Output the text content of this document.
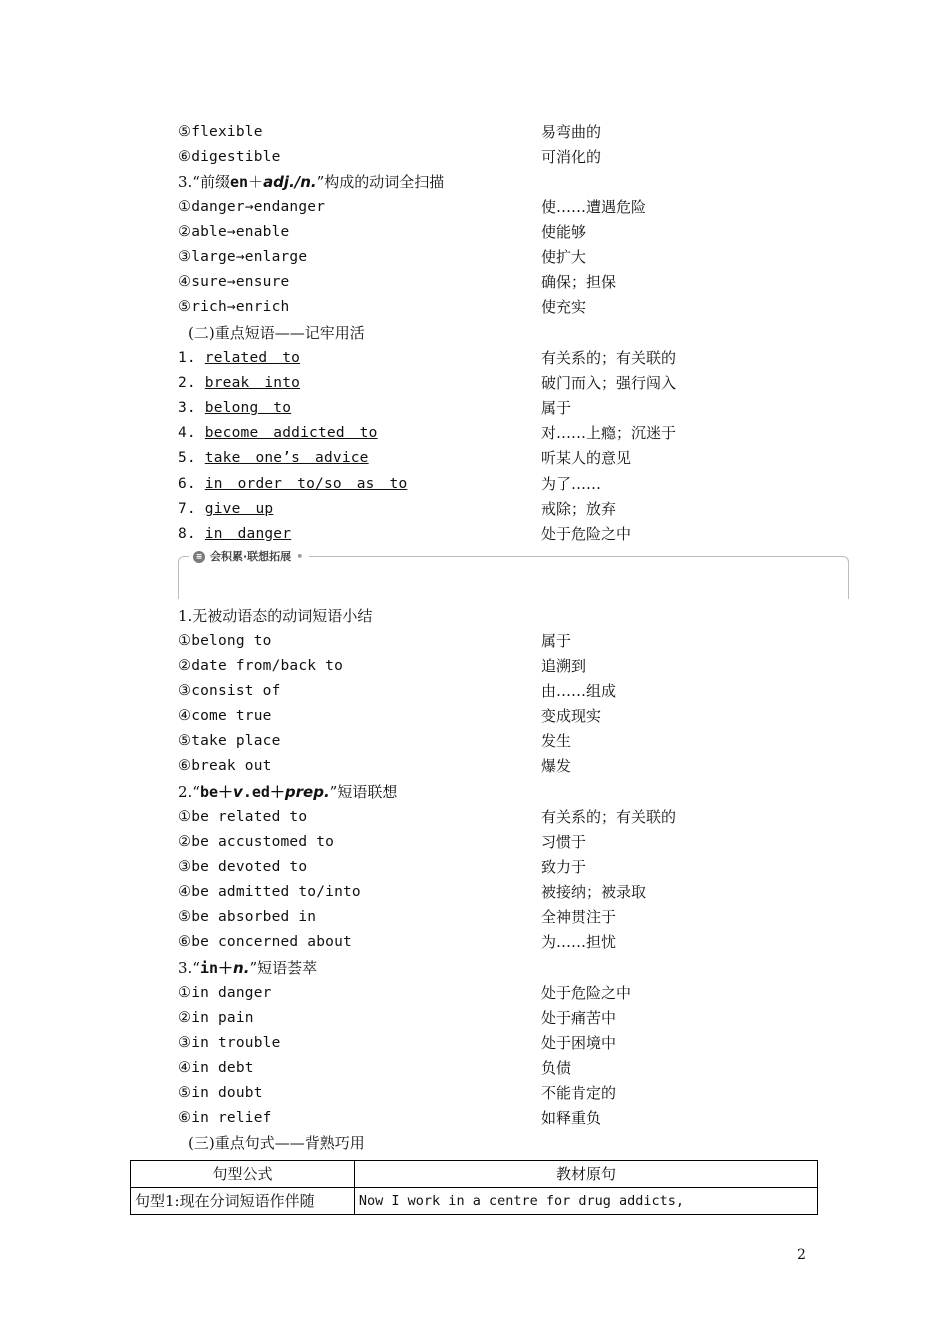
⑤flexible	易弯曲的
⑥digestible	可消化的
3.“前缀en＋adj./n.”构成的动词全扫描
①danger→endanger	使……遭遇危险
②able→enable	使能够
③large→enlarge	使扩大
④sure→ensure	确保；担保
⑤rich→enrich	使充实
(二)重点短语——记牢用活
1. related to	有关系的；有关联的
2. break into	破门而入；强行闯入
3. belong to	属于
4. become addicted to	对……上瘾；沉迷于
5. take one’s advice	听某人的意见
6. in order to/so as to	为了……
7. give up	戒除；放弃
8. in danger	处于危险之中
≡ 会积累·联想拓展 •
1.无被动语态的动词短语小结
①belong to	属于
②date from/back to	追溯到
③consist of	由……组成
④come true	变成现实
⑤take place	发生
⑥break out	爆发
2.“be＋v.ed＋prep.”短语联想
①be related to	有关系的；有关联的
②be accustomed to	习惯于
③be devoted to	致力于
④be admitted to/into	被接纳；被录取
⑤be absorbed in	全神贯注于
⑥be concerned about	为……担忧
3.“in＋n.”短语荟萃
①in danger	处于危险之中
②in pain	处于痛苦中
③in trouble	处于困境中
④in debt	负债
⑤in doubt	不能肯定的
⑥in relief	如释重负
(三)重点句式——背熟巧用
句型公式	教材原句
句型1:现在分词短语作伴随	Now I work in a centre for drug addicts,
2
